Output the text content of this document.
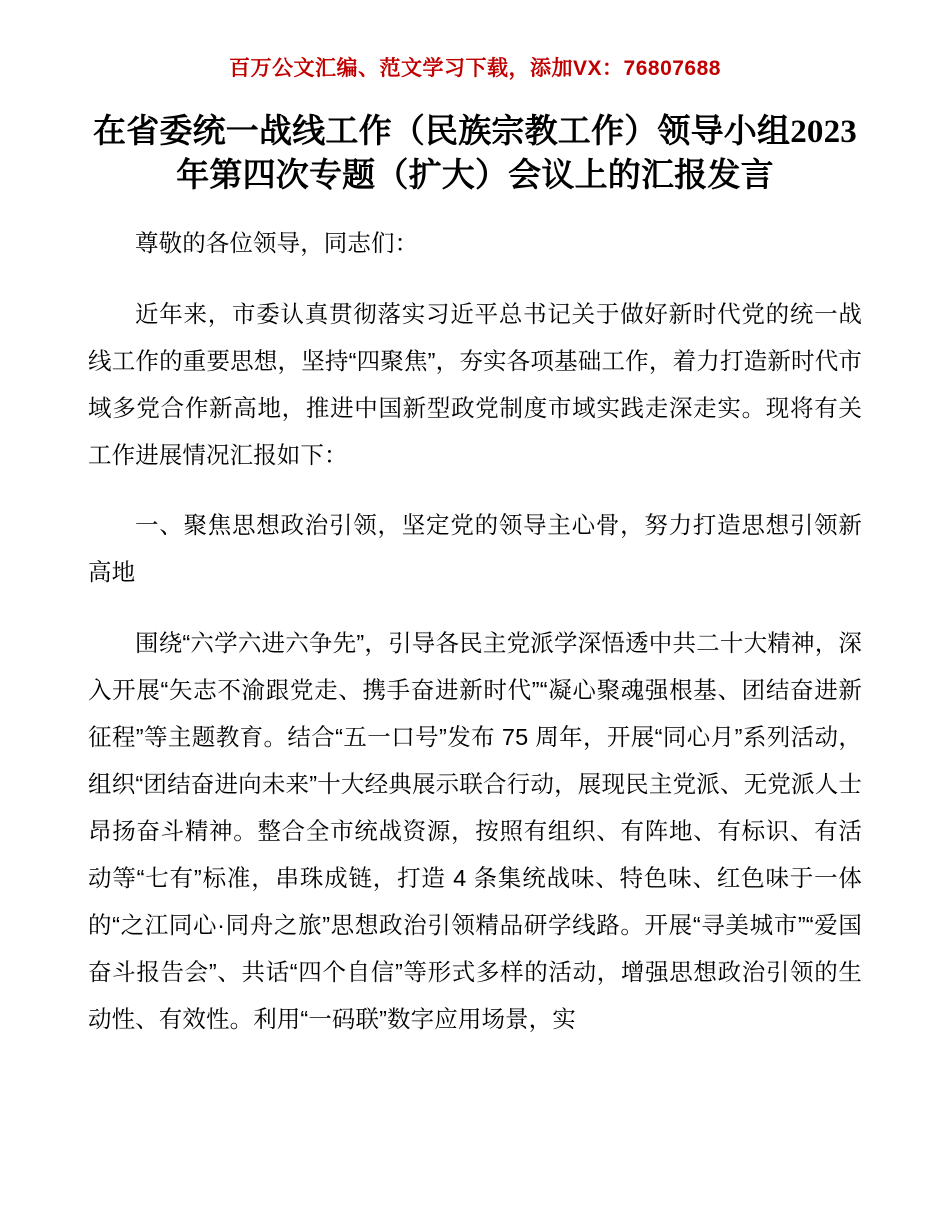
百万公文汇编、范文学习下载，添加VX：76807688
在省委统一战线工作（民族宗教工作）领导小组2023年第四次专题（扩大）会议上的汇报发言

尊敬的各位领导，同志们：

近年来，市委认真贯彻落实习近平总书记关于做好新时代党的统一战线工作的重要思想，坚持“四聚焦”，夯实各项基础工作，着力打造新时代市域多党合作新高地，推进中国新型政党制度市域实践走深走实。现将有关工作进展情况汇报如下：

一、聚焦思想政治引领，坚定党的领导主心骨，努力打造思想引领新高地

围绕“六学六进六争先”，引导各民主党派学深悟透中共二十大精神，深入开展“矢志不渝跟党走、携手奋进新时代”“凝心聚魂强根基、团结奋进新征程”等主题教育。结合“五一口号”发布 75 周年，开展“同心月”系列活动，组织“团结奋进向未来”十大经典展示联合行动，展现民主党派、无党派人士昂扬奋斗精神。整合全市统战资源，按照有组织、有阵地、有标识、有活动等“七有”标准，串珠成链，打造 4 条集统战味、特色味、红色味于一体的“之江同心·同舟之旅”思想政治引领精品研学线路。开展“寻美城市”“爱国奋斗报告会”、共话“四个自信”等形式多样的活动，增强思想政治引领的生动性、有效性。利用“一码联”数字应用场景，实
